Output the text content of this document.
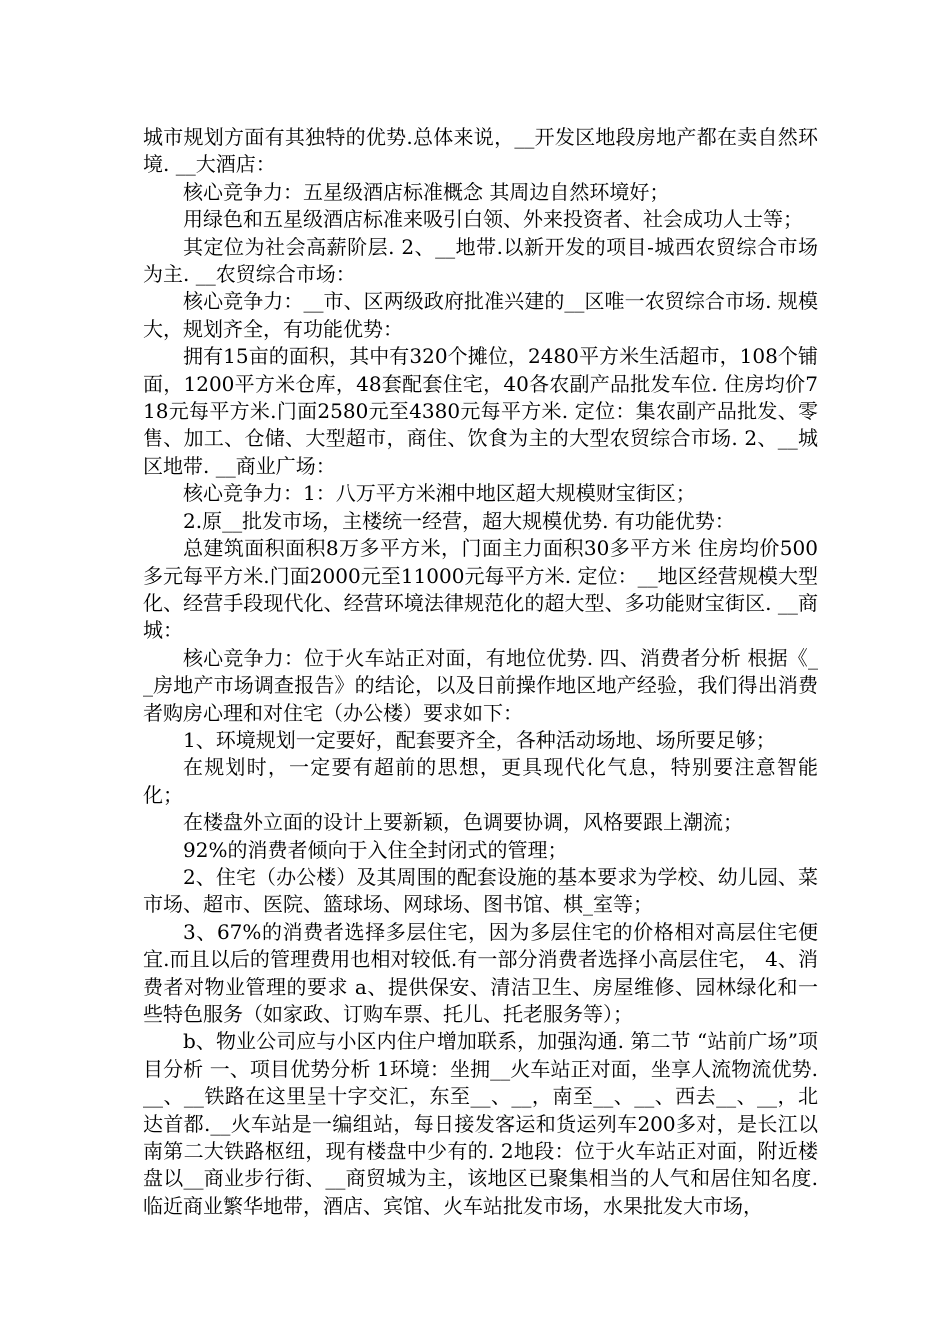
城市规划方面有其独特的优势.总体来说，__开发区地段房地产都在卖自然环境. __大酒店：

核心竞争力：五星级酒店标准概念 其周边自然环境好；

用绿色和五星级酒店标准来吸引白领、外来投资者、社会成功人士等；

其定位为社会高薪阶层. 2、__地带.以新开发的项目-城西农贸综合市场为主. __农贸综合市场：

核心竞争力：__市、区两级政府批准兴建的__区唯一农贸综合市场. 规模大，规划齐全，有功能优势：

拥有15亩的面积，其中有320个摊位，2480平方米生活超市，108个铺面，1200平方米仓库，48套配套住宅，40各农副产品批发车位. 住房均价718元每平方米.门面2580元至4380元每平方米. 定位：集农副产品批发、零售、加工、仓储、大型超市，商住、饮食为主的大型农贸综合市场. 2、__城区地带. __商业广场：

核心竞争力：1：八万平方米湘中地区超大规模财宝街区；

2.原__批发市场，主楼统一经营，超大规模优势. 有功能优势：

总建筑面积面积8万多平方米，门面主力面积30多平方米 住房均价500多元每平方米.门面2000元至11000元每平方米. 定位：__地区经营规模大型化、经营手段现代化、经营环境法律规范化的超大型、多功能财宝街区. __商城：

核心竞争力：位于火车站正对面，有地位优势. 四、消费者分析 根据《__房地产市场调查报告》的结论，以及日前操作地区地产经验，我们得出消费者购房心理和对住宅（办公楼）要求如下：

1、环境规划一定要好，配套要齐全，各种活动场地、场所要足够；

在规划时，一定要有超前的思想，更具现代化气息，特别要注意智能化；

在楼盘外立面的设计上要新颖，色调要协调，风格要跟上潮流；

92%的消费者倾向于入住全封闭式的管理；

2、住宅（办公楼）及其周围的配套设施的基本要求为学校、幼儿园、菜市场、超市、医院、篮球场、网球场、图书馆、棋_室等；

3、67%的消费者选择多层住宅，因为多层住宅的价格相对高层住宅便宜.而且以后的管理费用也相对较低.有一部分消费者选择小高层住宅， 4、消费者对物业管理的要求 a、提供保安、清洁卫生、房屋维修、园林绿化和一些特色服务（如家政、订购车票、托儿、托老服务等）；

b、物业公司应与小区内住户增加联系，加强沟通. 第二节 “站前广场”项目分析 一、项目优势分析 1环境：坐拥__火车站正对面，坐享人流物流优势.__、__铁路在这里呈十字交汇，东至__、__，南至__、__、西去__、__，北达首都.__火车站是一编组站，每日接发客运和货运列车200多对，是长江以南第二大铁路枢纽，现有楼盘中少有的. 2地段：位于火车站正对面，附近楼盘以__商业步行街、__商贸城为主，该地区已聚集相当的人气和居住知名度.临近商业繁华地带，酒店、宾馆、火车站批发市场，水果批发大市场，
